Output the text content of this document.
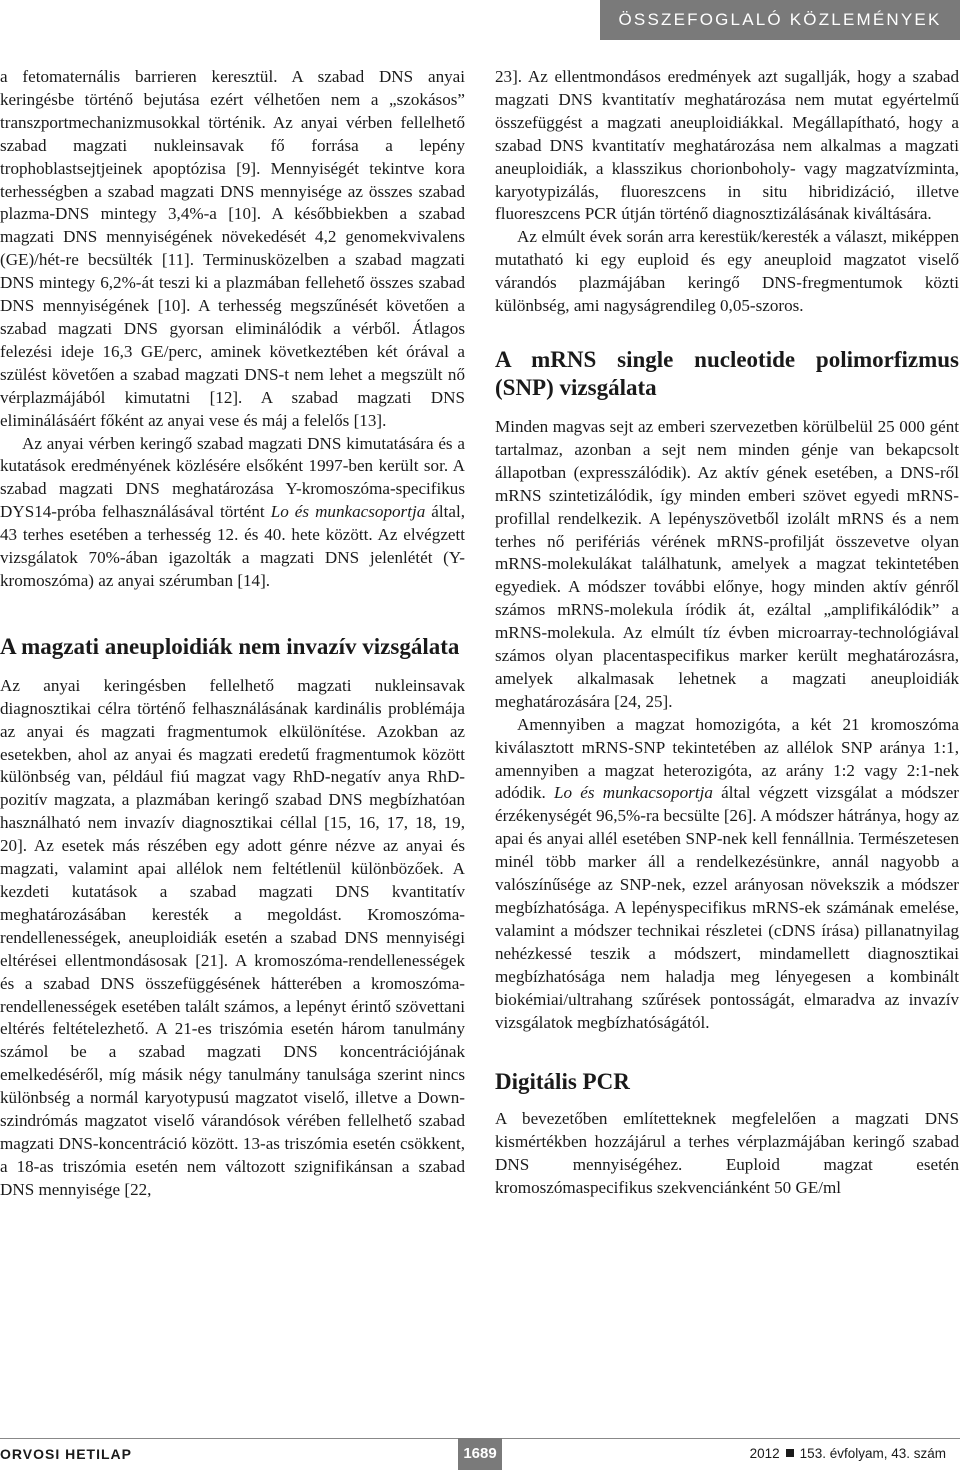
ÖSSZEFOGLALÓ KÖZLEMÉNYEK

a fetomaternális barrieren keresztül. A szabad DNS anyai keringésbe történő bejutása ezért vélhetően nem a „szokásos” transzportmechanizmusokkal történik. Az anyai vérben fellelhető szabad magzati nukleinsavak fő forrása a lepény trophoblastsejtjeinek apoptózisa [9]. Mennyiségét tekintve kora terhességben a szabad magzati DNS mennyisége az összes szabad plazma-DNS mintegy 3,4%-a [10]. A későbbiekben a szabad magzati DNS mennyiségének növekedését 4,2 genomekvivalens (GE)/hét-re becsülték [11]. Terminusközelben a szabad magzati DNS mintegy 6,2%-át teszi ki a plazmában fellehető összes szabad DNS mennyiségének [10]. A terhesség megszűnését követően a szabad magzati DNS gyorsan eliminálódik a vérből. Átlagos felezési ideje 16,3 GE/perc, aminek következtében két órával a szülést követően a szabad magzati DNS-t nem lehet a megszült nő vérplazmájából kimutatni [12]. A szabad magzati DNS eliminálásáért főként az anyai vese és máj a felelős [13].

Az anyai vérben keringő szabad magzati DNS kimutatására és a kutatások eredményének közlésére elsőként 1997-ben került sor. A szabad magzati DNS meghatározása Y-kromoszóma-specifikus DYS14-próba felhasználásával történt Lo és munkacsoportja által, 43 terhes esetében a terhesség 12. és 40. hete között. Az elvégzett vizsgálatok 70%-ában igazolták a magzati DNS jelenlétét (Y-kromoszóma) az anyai szérumban [14].

A magzati aneuploidiák nem invazív vizsgálata

Az anyai keringésben fellelhető magzati nukleinsavak diagnosztikai célra történő felhasználásának kardinális problémája az anyai és magzati fragmentumok elkülönítése. Azokban az esetekben, ahol az anyai és magzati eredetű fragmentumok között különbség van, például fiú magzat vagy RhD-negatív anya RhD-pozitív magzata, a plazmában keringő szabad DNS megbízhatóan használható nem invazív diagnosztikai céllal [15, 16, 17, 18, 19, 20]. Az esetek más részében egy adott génre nézve az anyai és magzati, valamint apai allélok nem feltétlenül különbözőek. A kezdeti kutatások a szabad magzati DNS kvantitatív meghatározásában keresték a megoldást. Kromoszóma-rendellenességek, aneuploidiák esetén a szabad DNS mennyiségi eltérései ellentmondásosak [21]. A kromoszóma-rendellenességek és a szabad DNS összefüggésének hátterében a kromoszóma-rendellenességek esetében talált számos, a lepényt érintő szövettani eltérés feltételezhető. A 21-es triszómia esetén három tanulmány számol be a szabad magzati DNS koncentrációjának emelkedéséről, míg másik négy tanulmány tanulsága szerint nincs különbség a normál karyotypusú magzatot viselő, illetve a Down-szindrómás magzatot viselő várandósok vérében fellelhető szabad magzati DNS-koncentráció között. 13-as triszómia esetén csökkent, a 18-as triszómia esetén nem változott szignifikánsan a szabad DNS mennyisége [22,

23]. Az ellentmondásos eredmények azt sugallják, hogy a szabad magzati DNS kvantitatív meghatározása nem mutat egyértelmű összefüggést a magzati aneuploidiákkal. Megállapítható, hogy a szabad DNS kvantitatív meghatározása nem alkalmas a magzati aneuploidiák, a klasszikus chorionboholy- vagy magzatvízminta, karyotypizálás, fluoreszcens in situ hibridizáció, illetve fluoreszcens PCR útján történő diagnosztizálásának kiváltására.

Az elmúlt évek során arra kerestük/keresték a választ, miképpen mutatható ki egy euploid és egy aneuploid magzatot viselő várandós plazmájában keringő DNS-fregmentumok közti különbség, ami nagyságrendileg 0,05-szoros.

A mRNS single nucleotide polimorfizmus (SNP) vizsgálata

Minden magvas sejt az emberi szervezetben körülbelül 25 000 gént tartalmaz, azonban a sejt nem minden génje van bekapcsolt állapotban (expresszálódik). Az aktív gének esetében, a DNS-ről mRNS szintetizálódik, így minden emberi szövet egyedi mRNS-profillal rendelkezik. A lepényszövetből izolált mRNS és a nem terhes nő perifériás vérének mRNS-profilját összevetve olyan mRNS-molekulákat találhatunk, amelyek a magzat tekintetében egyediek. A módszer további előnye, hogy minden aktív génről számos mRNS-molekula íródik át, ezáltal „amplifikálódik” a mRNS-molekula. Az elmúlt tíz évben microarray-technológiával számos olyan placentaspecifikus marker került meghatározásra, amelyek alkalmasak lehetnek a magzati aneuploidiák meghatározására [24, 25].

Amennyiben a magzat homozigóta, a két 21 kromoszóma kiválasztott mRNS-SNP tekintetében az allélok SNP aránya 1:1, amennyiben a magzat heterozigóta, az arány 1:2 vagy 2:1-nek adódik. Lo és munkacsoportja által végzett vizsgálat a módszer érzékenységét 96,5%-ra becsülte [26]. A módszer hátránya, hogy az apai és anyai allél esetében SNP-nek kell fennállnia. Természetesen minél több marker áll a rendelkezésünkre, annál nagyobb a valószínűsége az SNP-nek, ezzel arányosan növekszik a módszer megbízhatósága. A lepényspecifikus mRNS-ek számának emelése, valamint a módszer technikai részletei (cDNS írása) pillanatnyilag nehézkessé teszik a módszert, mindamellett diagnosztikai megbízhatósága nem haladja meg lényegesen a kombinált biokémiai/ultrahang szűrések pontosságát, elmaradva az invazív vizsgálatok megbízhatóságától.

Digitális PCR

A bevezetőben említetteknek megfelelően a magzati DNS kismértékben hozzájárul a terhes vérplazmájában keringő szabad DNS mennyiségéhez. Euploid magzat esetén kromoszómaspecifikus szekvenciánként 50 GE/ml

ORVOSI HETILAP	1689	2012 153. évfolyam, 43. szám
